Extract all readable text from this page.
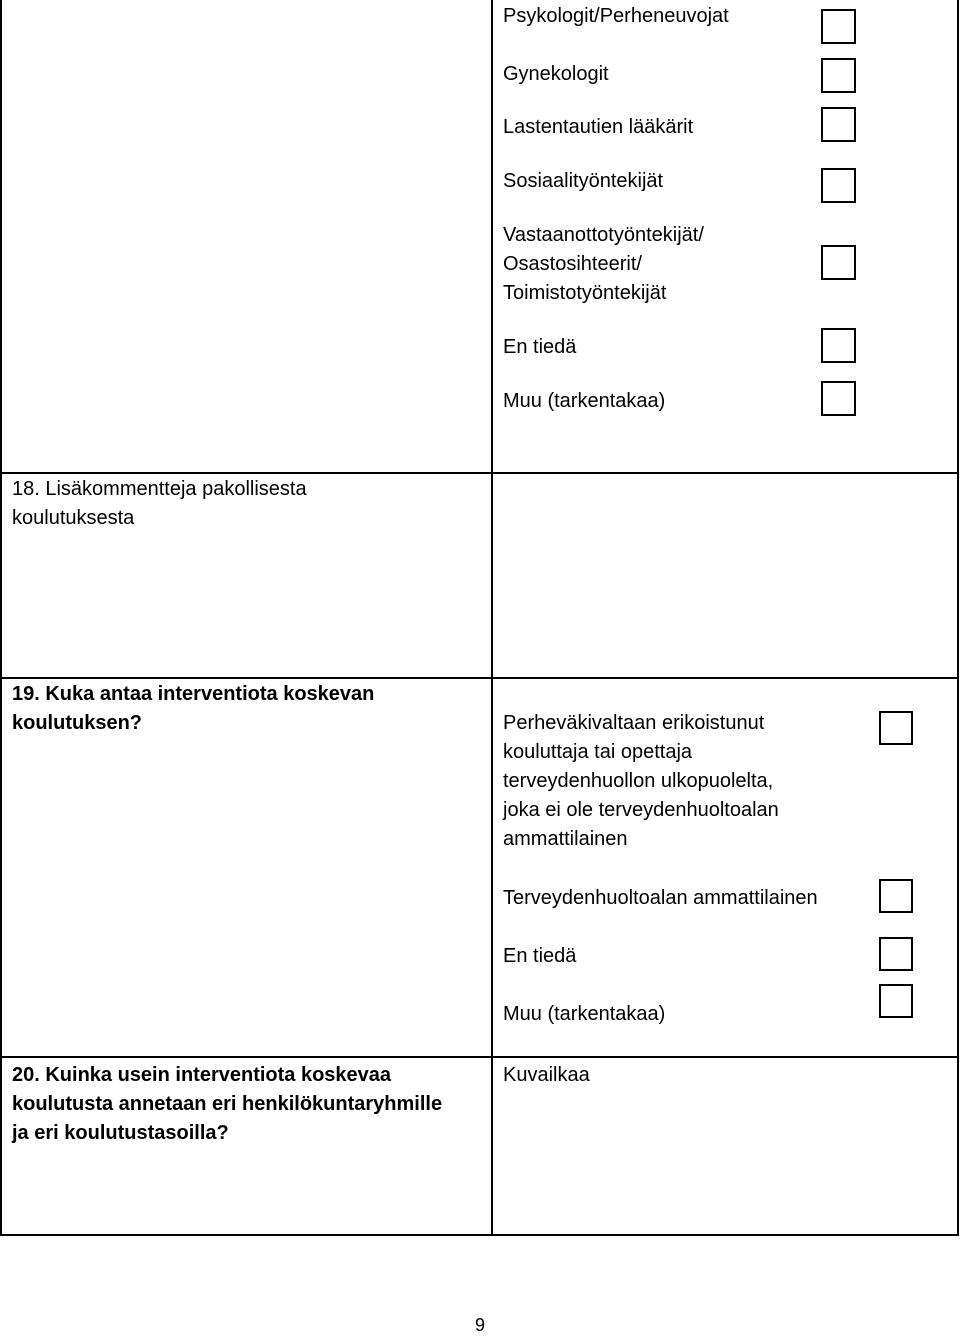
Psykologit/Perheneuvojat
Gynekologit
Lastentautien lääkärit
Sosiaalityöntekijät
Vastaanottotyöntekijät/
Osastosihteerit/
Toimistotyöntekijät
En tiedä
Muu (tarkentakaa)
18. Lisäkommentteja pakollisesta
koulutuksesta
19. Kuka antaa interventiota koskevan
koulutuksen?	Perheväkivaltaan erikoistunut
kouluttaja tai opettaja
terveydenhuollon ulkopuolelta,
joka ei ole terveydenhuoltoalan
ammattilainen
Terveydenhuoltoalan ammattilainen
En tiedä
Muu (tarkentakaa)
20. Kuinka usein interventiota koskevaa
koulutusta annetaan eri henkilökuntaryhmille
ja eri koulutustasoilla?
Kuvailkaa
9
